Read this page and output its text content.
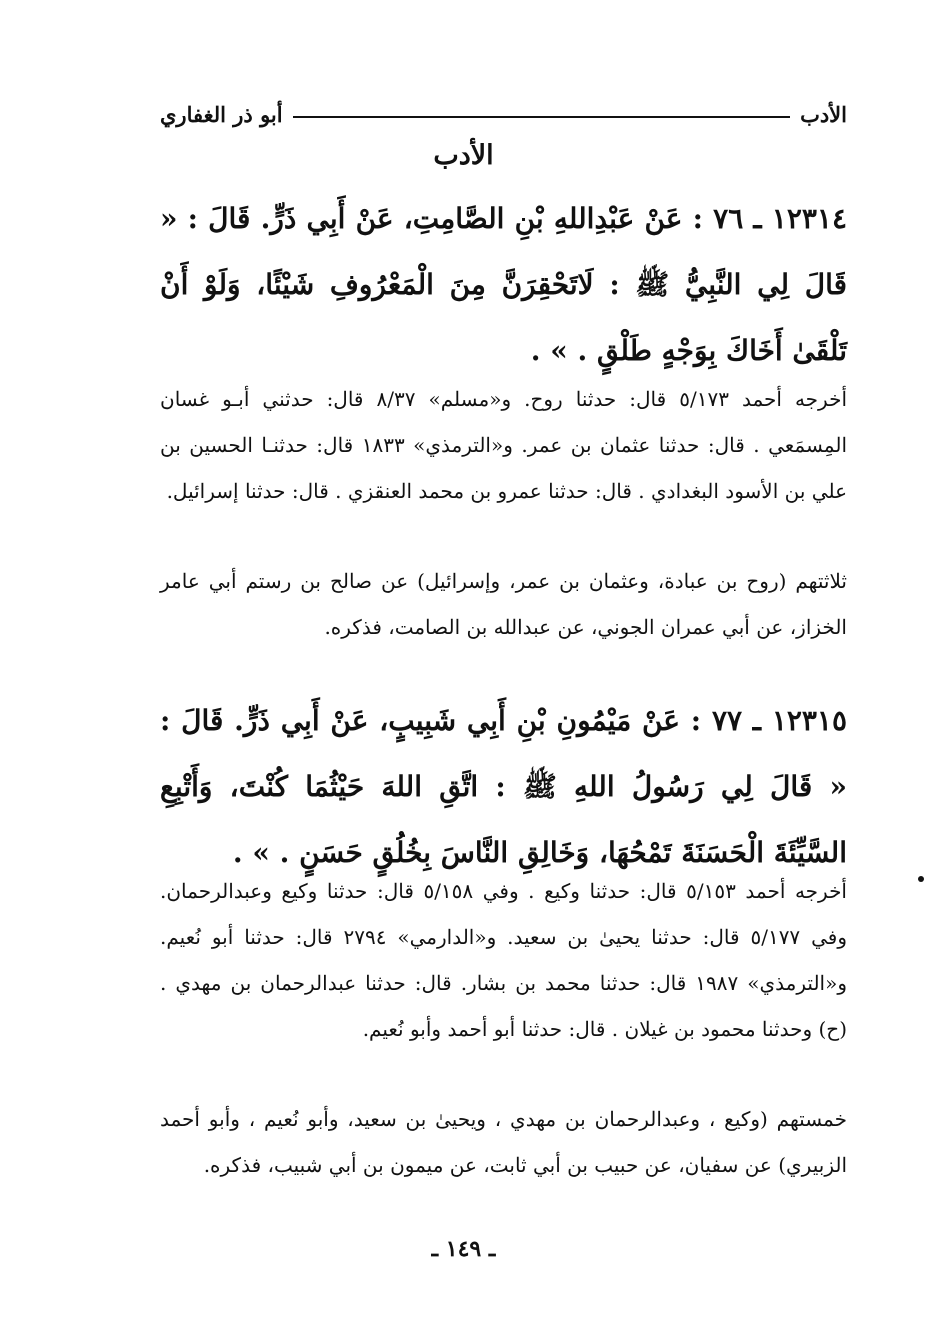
الأدب
أبو ذر الغفاري
الأدب
١٢٣١٤ ـ ٧٦ : عَنْ عَبْدِاللهِ بْنِ الصَّامِتِ، عَنْ أَبِي ذَرٍّ. قَالَ : « قَالَ لِي النَّبِيُّ ﷺ : لَاتَحْقِرَنَّ مِنَ الْمَعْرُوفِ شَيْئًا، وَلَوْ أَنْ تَلْقَىٰ أَخَاكَ بِوَجْهٍ طَلْقٍ . » .
أخرجه أحمد ٥/١٧٣ قال: حدثنا روح. و«مسلم» ٨/٣٧ قال: حدثني أبـو غسان المِسمَعي . قال: حدثنا عثمان بن عمر. و«الترمذي» ١٨٣٣ قال: حدثنـا الحسين بن علي بن الأسود البغدادي . قال: حدثنا عمرو بن محمد العنقزي . قال: حدثنا إسرائيل.
ثلاثتهم (روح بن عبادة، وعثمان بن عمر، وإسرائيل) عن صالح بن رستم أبي عامر الخزاز، عن أبي عمران الجوني، عن عبدالله بن الصامت، فذكره.
١٢٣١٥ ـ ٧٧ : عَنْ مَيْمُونِ بْنِ أَبِي شَبِيبٍ، عَنْ أَبِي ذَرٍّ. قَالَ : « قَالَ لِي رَسُولُ اللهِ ﷺ : اتَّقِ اللهَ حَيْثُمَا كُنْتَ، وَأَتْبِعِ السَّيِّئَةَ الْحَسَنَةَ تَمْحُهَا، وَخَالِقِ النَّاسَ بِخُلُقٍ حَسَنٍ . » .
أخرجه أحمد ٥/١٥٣ قال: حدثنا وكيع . وفي ٥/١٥٨ قال: حدثنا وكيع وعبدالرحمان. وفي ٥/١٧٧ قال: حدثنا يحيىٰ بن سعيد. و«الدارمي» ٢٧٩٤ قال: حدثنا أبو نُعيم. و«الترمذي» ١٩٨٧ قال: حدثنا محمد بن بشار. قال: حدثنا عبدالرحمان بن مهدي . (ح) وحدثنا محمود بن غيلان . قال: حدثنا أبو أحمد وأبو نُعيم.
خمستهم (وكيع ، وعبدالرحمان بن مهدي ، ويحيىٰ بن سعيد، وأبو نُعيم ، وأبو أحمد الزبيري) عن سفيان، عن حبيب بن أبي ثابت، عن ميمون بن أبي شبيب، فذكره.
ـ ١٤٩ ـ
